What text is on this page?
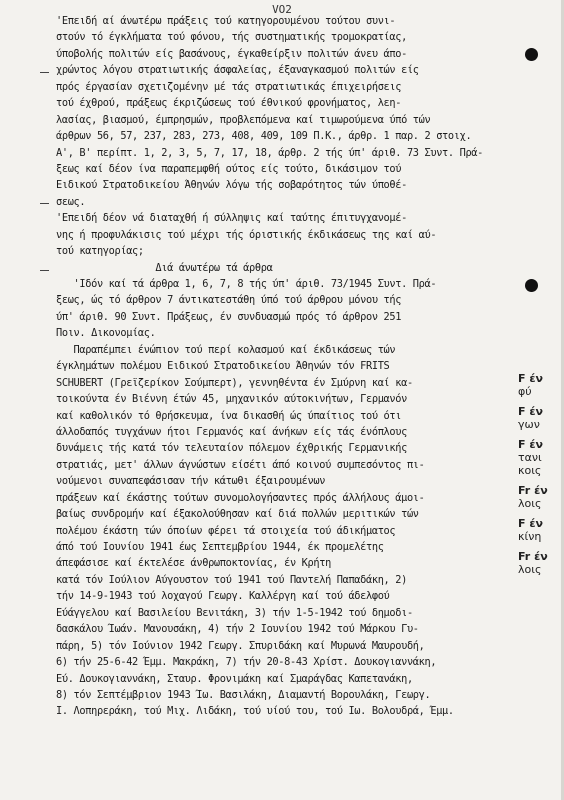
VO2
'Επειδή αί άνωτέρω πράξεις τού κατηγορουμένου τούτου συνι-
στούν τό έγκλήματα τού φόνου, τής συστηματικής τρομοκρατίας,
ύποβολής πολιτών είς βασάνους, έγκαθείρξιν πολιτών άνευ άπο-
χρώντος λόγου στρατιωτικής άσφαλείας, έξαναγκασμού πολιτών είς
πρός έργασίαν σχετιζομένην μέ τάς στρατιωτικάς έπιχειρήσεις
τού έχθρού, πράξεως έκριζώσεως τού έθνικού φρονήματος, λεη-
λασίας, βιασμού, έμπρησμών, προβλεπόμενα καί τιμωρούμενα ύπό τών
άρθρων 56, 57, 237, 283, 273, 408, 409, 109 Π.Κ., άρθρ. 1 παρ. 2 στοιχ.
Α', Β' περίπτ. 1, 2, 3, 5, 7, 17, 18, άρθρ. 2 τής ύπ' άριθ. 73 Συντ. Πρά-
ξεως καί δέον ίνα παραπεμφθή ούτος είς τούτο, δικάσιμον τού
Ειδικού Στρατοδικείου Άθηνών λόγω τής σοβαρότητος τών ύποθέ-
σεως.
'Επειδή δέον νά διαταχθή ή σύλληψις καί ταύτης έπιτυγχανομέ-
νης ή προφυλάκισις τού μέχρι τής όριστικής έκδικάσεως της καί αύ-
τού κατηγορίας;
Διά άνωτέρω τά άρθρα
'Ιδόν καί τά άρθρα 1, 6, 7, 8 τής ύπ' άριθ. 73/1945 Συντ. Πρά-
ξεως, ώς τό άρθρον 7 άντικατεστάθη ύπό τού άρθρου μόνου τής
ύπ' άριθ. 90 Συντ. Πράξεως, έν συνδυασμώ πρός τό άρθρον 251
Ποιν. Δικονομίας.
Παραπέμπει ένώπιον τού περί κολασμού καί έκδικάσεως τών
έγκλημάτων πολέμου Ειδικού Στρατοδικείου Άθηνών τόν FRITS
SCHUBERT (Γρεϊζερίκον Σούμπερτ), γεννηθέντα έν Σμύρνη καί κα-
τοικούντα έν Βιέννη έτών 45, μηχανικόν αύτοκινήτων, Γερμανόν
καί καθολικόν τό θρήσκευμα, ίνα δικασθή ώς ύπαίτιος τού ότι
άλλοδαπός τυγχάνων ήτοι Γερμανός καί άνήκων είς τάς ένόπλους
δυνάμεις τής κατά τόν τελευταίον πόλεμον έχθρικής Γερμανικής
στρατιάς, μετ' άλλων άγνώστων είσέτι άπό κοινού συμπεσόντος πι-
νούμενοι συναπεφάσισαν τήν κάτωθι έξαιρουμένων
πράξεων καί έκάστης τούτων συνομολογήσαντες πρός άλλήλους άμοι-
βαίως συνδρομήν καί έξακολούθησαν καί διά πολλών μεριτικών τών
πολέμου έκάστη τών όποίων φέρει τά στοιχεία τού άδικήματος
άπό τού Ιουνίου 1941 έως Σεπτεμβρίου 1944, έκ προμελέτης
άπεφάσισε καί έκτελέσε άνθρωποκτονίας, έν Κρήτη
κατά τόν Ιούλιον Αύγουστον τού 1941 τού Παντελή Παπαδάκη, 2)
τήν 14-9-1943 τού λοχαγού Γεωργ. Καλλέργη καί τού άδελφού
Εύάγγελου καί Βασιλείου Βενιτάκη, 3) τήν 1-5-1942 τού δημοδι-
δασκάλου Ίωάν. Μανουσάκη, 4) τήν 2 Ιουνίου 1942 τού Μάρκου Γυ-
πάρη, 5) τόν Ιούνιον 1942 Γεωργ. Σπυριδάκη καί Μυρωνά Μαυρουδή,
6) τήν 25-6-42 Έμμ. Μακράκη, 7) τήν 20-8-43 Χρίστ. Δουκογιαννάκη,
Εύ. Δουκογιαννάκη, Σταυρ. Φρονιμάκη καί Σμαράγδας Καπετανάκη,
8) τόν Σεπτέμβριον 1943 Ίω. Βασιλάκη, Διαμαντή Βορουλάκη, Γεωργ.
Ι. Λοπηρεράκη, τού Μιχ. Λιδάκη, τού υίού του, τού Ιω. Βολουδρά, Έμμ.
F έν
φύ
F έν
γων
F έν
τανι
κοις
Fr έν
λοις
F έν
κίνη
Fr έν
λοις
